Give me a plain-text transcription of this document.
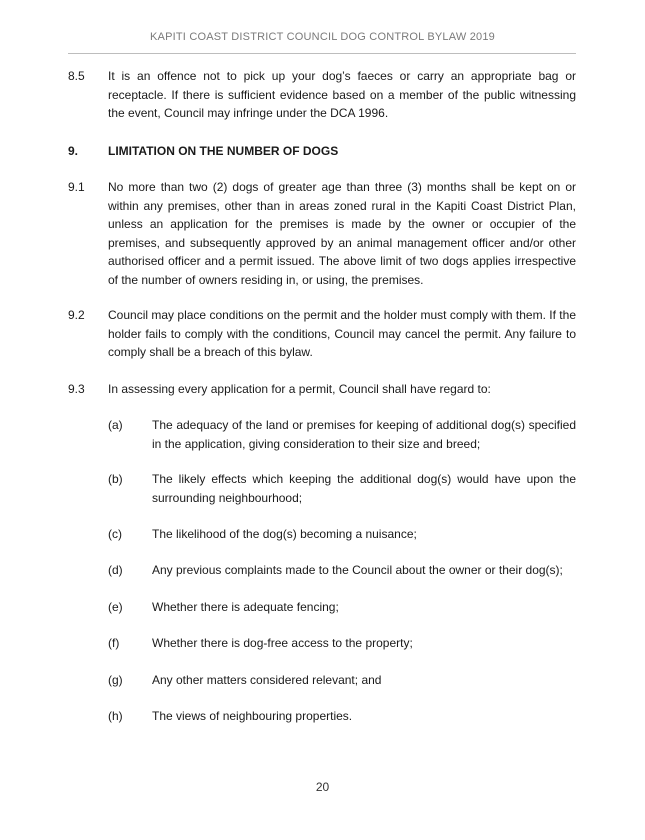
KAPITI COAST DISTRICT COUNCIL DOG CONTROL BYLAW 2019
8.5 It is an offence not to pick up your dog’s faeces or carry an appropriate bag or receptacle. If there is sufficient evidence based on a member of the public witnessing the event, Council may infringe under the DCA 1996.
9. LIMITATION ON THE NUMBER OF DOGS
9.1 No more than two (2) dogs of greater age than three (3) months shall be kept on or within any premises, other than in areas zoned rural in the Kapiti Coast District Plan, unless an application for the premises is made by the owner or occupier of the premises, and subsequently approved by an animal management officer and/or other authorised officer and a permit issued. The above limit of two dogs applies irrespective of the number of owners residing in, or using, the premises.
9.2 Council may place conditions on the permit and the holder must comply with them. If the holder fails to comply with the conditions, Council may cancel the permit. Any failure to comply shall be a breach of this bylaw.
9.3 In assessing every application for a permit, Council shall have regard to:
(a) The adequacy of the land or premises for keeping of additional dog(s) specified in the application, giving consideration to their size and breed;
(b) The likely effects which keeping the additional dog(s) would have upon the surrounding neighbourhood;
(c)	The likelihood of the dog(s) becoming a nuisance;
(d) Any previous complaints made to the Council about the owner or their dog(s);
(e) Whether there is adequate fencing;
(f)	Whether there is dog-free access to the property;
(g) Any other matters considered relevant; and
(h) The views of neighbouring properties.
20
